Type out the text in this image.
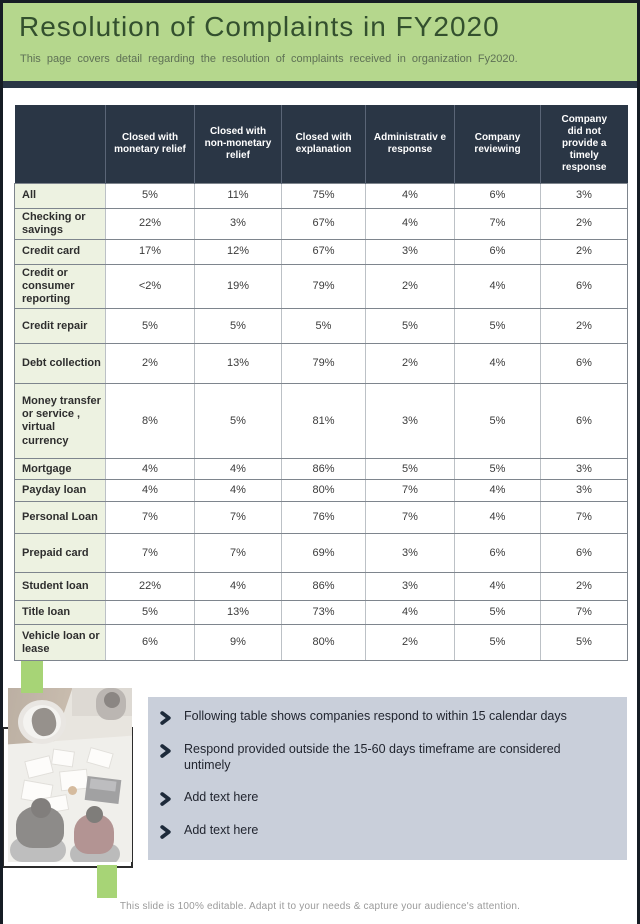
Resolution of Complaints in FY2020
This page covers detail regarding the resolution of complaints received in organization Fy2020.
	Closed with monetary relief	Closed with non-monetary relief	Closed with explanation	Administrativ e response	Company reviewing	Company did not provide a timely response
All	5%	11%	75%	4%	6%	3%
Checking or savings	22%	3%	67%	4%	7%	2%
Credit card	17%	12%	67%	3%	6%	2%
Credit or consumer reporting	<2%	19%	79%	2%	4%	6%
Credit repair	5%	5%	5%	5%	5%	2%
Debt collection	2%	13%	79%	2%	4%	6%
Money transfer or service , virtual currency	8%	5%	81%	3%	5%	6%
Mortgage	4%	4%	86%	5%	5%	3%
Payday loan	4%	4%	80%	7%	4%	3%
Personal Loan	7%	7%	76%	7%	4%	7%
Prepaid card	7%	7%	69%	3%	6%	6%
Student loan	22%	4%	86%	3%	4%	2%
Title loan	5%	13%	73%	4%	5%	7%
Vehicle loan or lease	6%	9%	80%	2%	5%	5%
Following table shows companies respond to within 15 calendar days
Respond provided outside the 15-60 days timeframe are considered untimely
Add text here
Add text here
This slide is 100% editable. Adapt it to your needs & capture your audience's attention.
